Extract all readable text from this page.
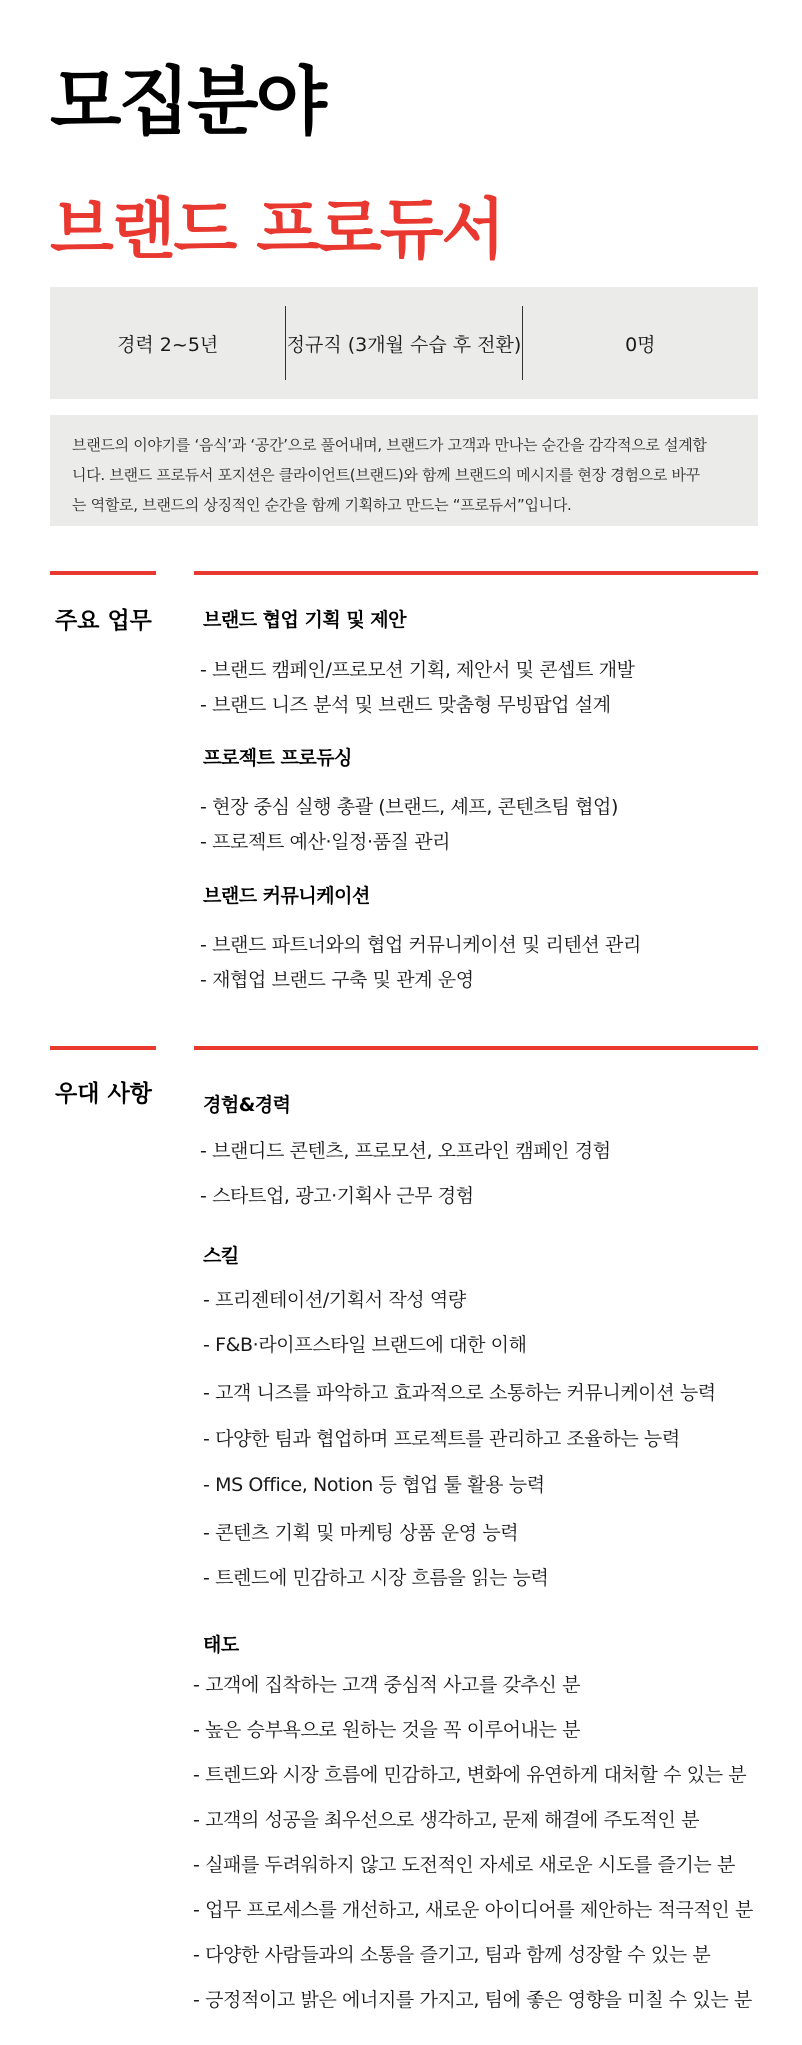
모집분야
브랜드 프로듀서
경력 2~5년	정규직 (3개월 수습 후 전환)	0명
브랜드의 이야기를 ‘음식’과 ‘공간’으로 풀어내며, 브랜드가 고객과 만나는 순간을 감각적으로 설계합
니다. 브랜드 프로듀서 포지션은 클라이언트(브랜드)와 함께 브랜드의 메시지를 현장 경험으로 바꾸
는 역할로, 브랜드의 상징적인 순간을 함께 기획하고 만드는 “프로듀서”입니다.
주요 업무	브랜드 협업 기획 및 제안
- 브랜드 캠페인/프로모션 기획, 제안서 및 콘셉트 개발
- 브랜드 니즈 분석 및 브랜드 맞춤형 무빙팝업 설계
프로젝트 프로듀싱
- 현장 중심 실행 총괄 (브랜드, 셰프, 콘텐츠팀 협업)
- 프로젝트 예산·일정·품질 관리
브랜드 커뮤니케이션
- 브랜드 파트너와의 협업 커뮤니케이션 및 리텐션 관리
- 재협업 브랜드 구축 및 관계 운영
우대 사항	경험&경력
- 브랜디드 콘텐츠, 프로모션, 오프라인 캠페인 경험
- 스타트업, 광고·기획사 근무 경험
스킬
- 프리젠테이션/기획서 작성 역량
- F&B·라이프스타일 브랜드에 대한 이해
- 고객 니즈를 파악하고 효과적으로 소통하는 커뮤니케이션 능력
- 다양한 팀과 협업하며 프로젝트를 관리하고 조율하는 능력
- MS Office, Notion 등 협업 툴 활용 능력
- 콘텐츠 기획 및 마케팅 상품 운영 능력
- 트렌드에 민감하고 시장 흐름을 읽는 능력
태도
- 고객에 집착하는 고객 중심적 사고를 갖추신 분
- 높은 승부욕으로 원하는 것을 꼭 이루어내는 분
- 트렌드와 시장 흐름에 민감하고, 변화에 유연하게 대처할 수 있는 분
- 고객의 성공을 최우선으로 생각하고, 문제 해결에 주도적인 분
- 실패를 두려워하지 않고 도전적인 자세로 새로운 시도를 즐기는 분
- 업무 프로세스를 개선하고, 새로운 아이디어를 제안하는 적극적인 분
- 다양한 사람들과의 소통을 즐기고, 팀과 함께 성장할 수 있는 분
- 긍정적이고 밝은 에너지를 가지고, 팀에 좋은 영향을 미칠 수 있는 분
